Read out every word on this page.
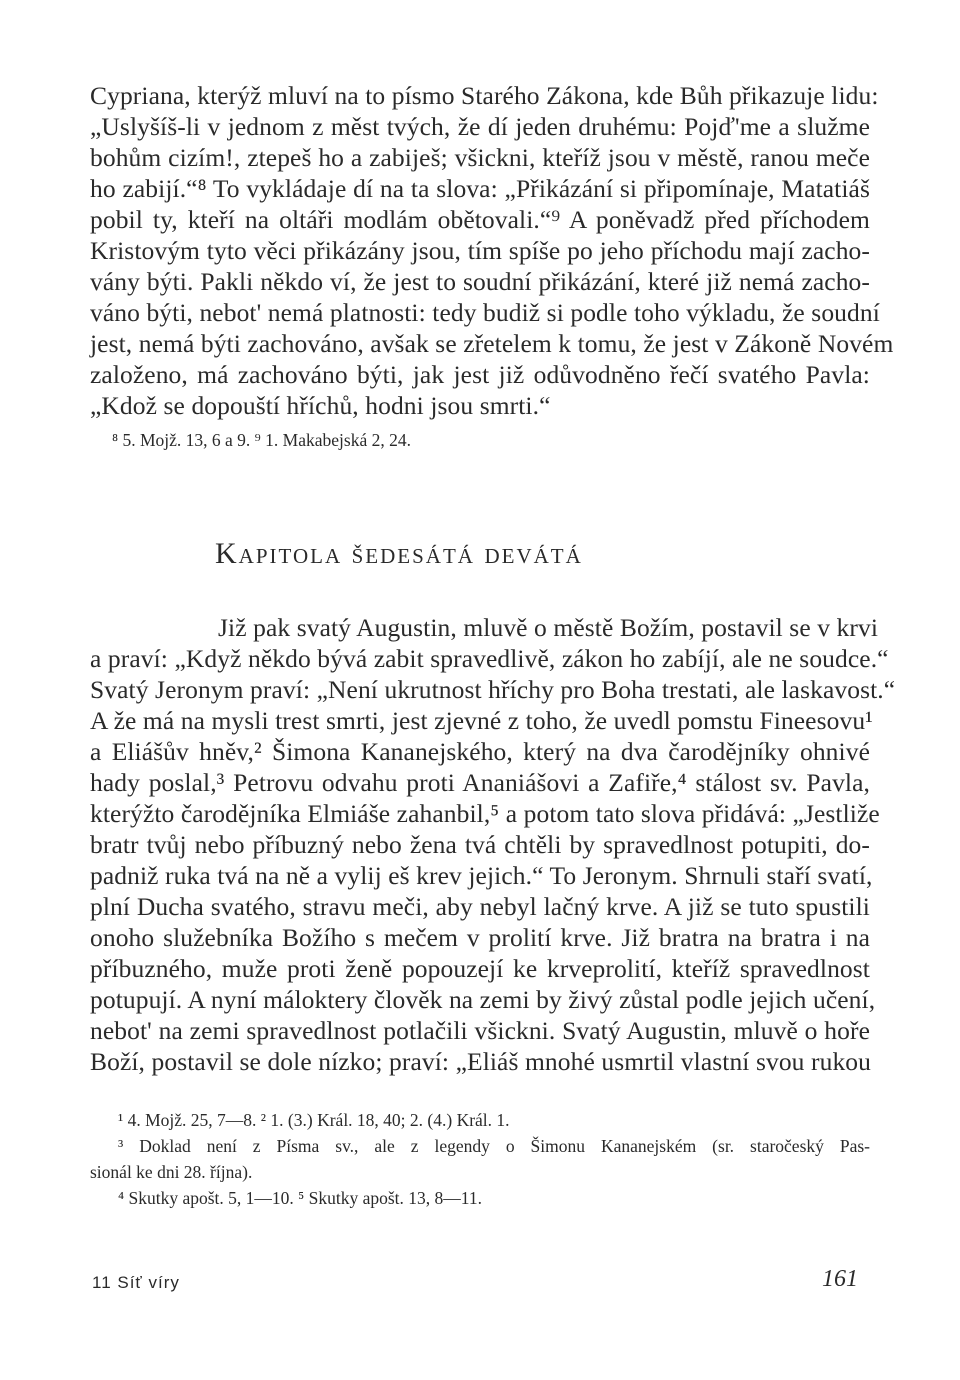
Cypriana, kterýž mluví na to písmo Starého Zákona, kde Bůh přikazuje lidu:
„Uslyšíš-li v jednom z měst tvých, že dí jeden druhému: Pojď'me a služme
bohům cizím!, ztepeš ho a zabiješ; všickni, kteříž jsou v městě, ranou meče
ho zabijí.“⁸ To vykládaje dí na ta slova: „Přikázání si připomínaje, Matatiáš
pobil ty, kteří na oltáři modlám obětovali.“⁹ A poněvadž před příchodem
Kristovým tyto věci přikázány jsou, tím spíše po jeho příchodu mají zacho-
vány býti. Pakli někdo ví, že jest to soudní přikázání, které již nemá zacho-
váno býti, nebot' nemá platnosti: tedy budiž si podle toho výkladu, že soudní
jest, nemá býti zachováno, avšak se zřetelem k tomu, že jest v Zákoně Novém
založeno, má zachováno býti, jak jest již odůvodněno řečí svatého Pavla:
„Kdož se dopouští hříchů, hodni jsou smrti.“
⁸ 5. Mojž. 13, 6 a 9. ⁹ 1. Makabejská 2, 24.
Kapitola šedesátá devátá
Již pak svatý Augustin, mluvě o městě Božím, postavil se v krvi
a praví: „Když někdo bývá zabit spravedlivě, zákon ho zabíjí, ale ne soudce.“
Svatý Jeronym praví: „Není ukrutnost hříchy pro Boha trestati, ale laskavost.“
A že má na mysli trest smrti, jest zjevné z toho, že uvedl pomstu Fineesovu¹
a Eliášův hněv,² Šimona Kananejského, který na dva čarodějníky ohnivé
hady poslal,³ Petrovu odvahu proti Ananiášovi a Zafiře,⁴ stálost sv. Pavla,
kterýžto čarodějníka Elmiáše zahanbil,⁵ a potom tato slova přidává: „Jestliže
bratr tvůj nebo příbuzný nebo žena tvá chtěli by spravedlnost potupiti, do-
padniž ruka tvá na ně a vylij eš krev jejich.“ To Jeronym. Shrnuli staří svatí,
plní Ducha svatého, stravu meči, aby nebyl lačný krve. A již se tuto spustili
onoho služebníka Božího s mečem v prolití krve. Již bratra na bratra i na
příbuzného, muže proti ženě popouzejí ke krveprolití, kteříž spravedlnost
potupují. A nyní máloktery člověk na zemi by živý zůstal podle jejich učení,
nebot' na zemi spravedlnost potlačili všickni. Svatý Augustin, mluvě o hoře
Boží, postavil se dole nízko; praví: „Eliáš mnohé usmrtil vlastní svou rukou
¹ 4. Mojž. 25, 7—8. ² 1. (3.) Král. 18, 40; 2. (4.) Král. 1.
³ Doklad není z Písma sv., ale z legendy o Šimonu Kananejském (sr. staročeský Pas-
sionál ke dni 28. října).
⁴ Skutky apošt. 5, 1—10. ⁵ Skutky apošt. 13, 8—11.
11 Síť víry	161
